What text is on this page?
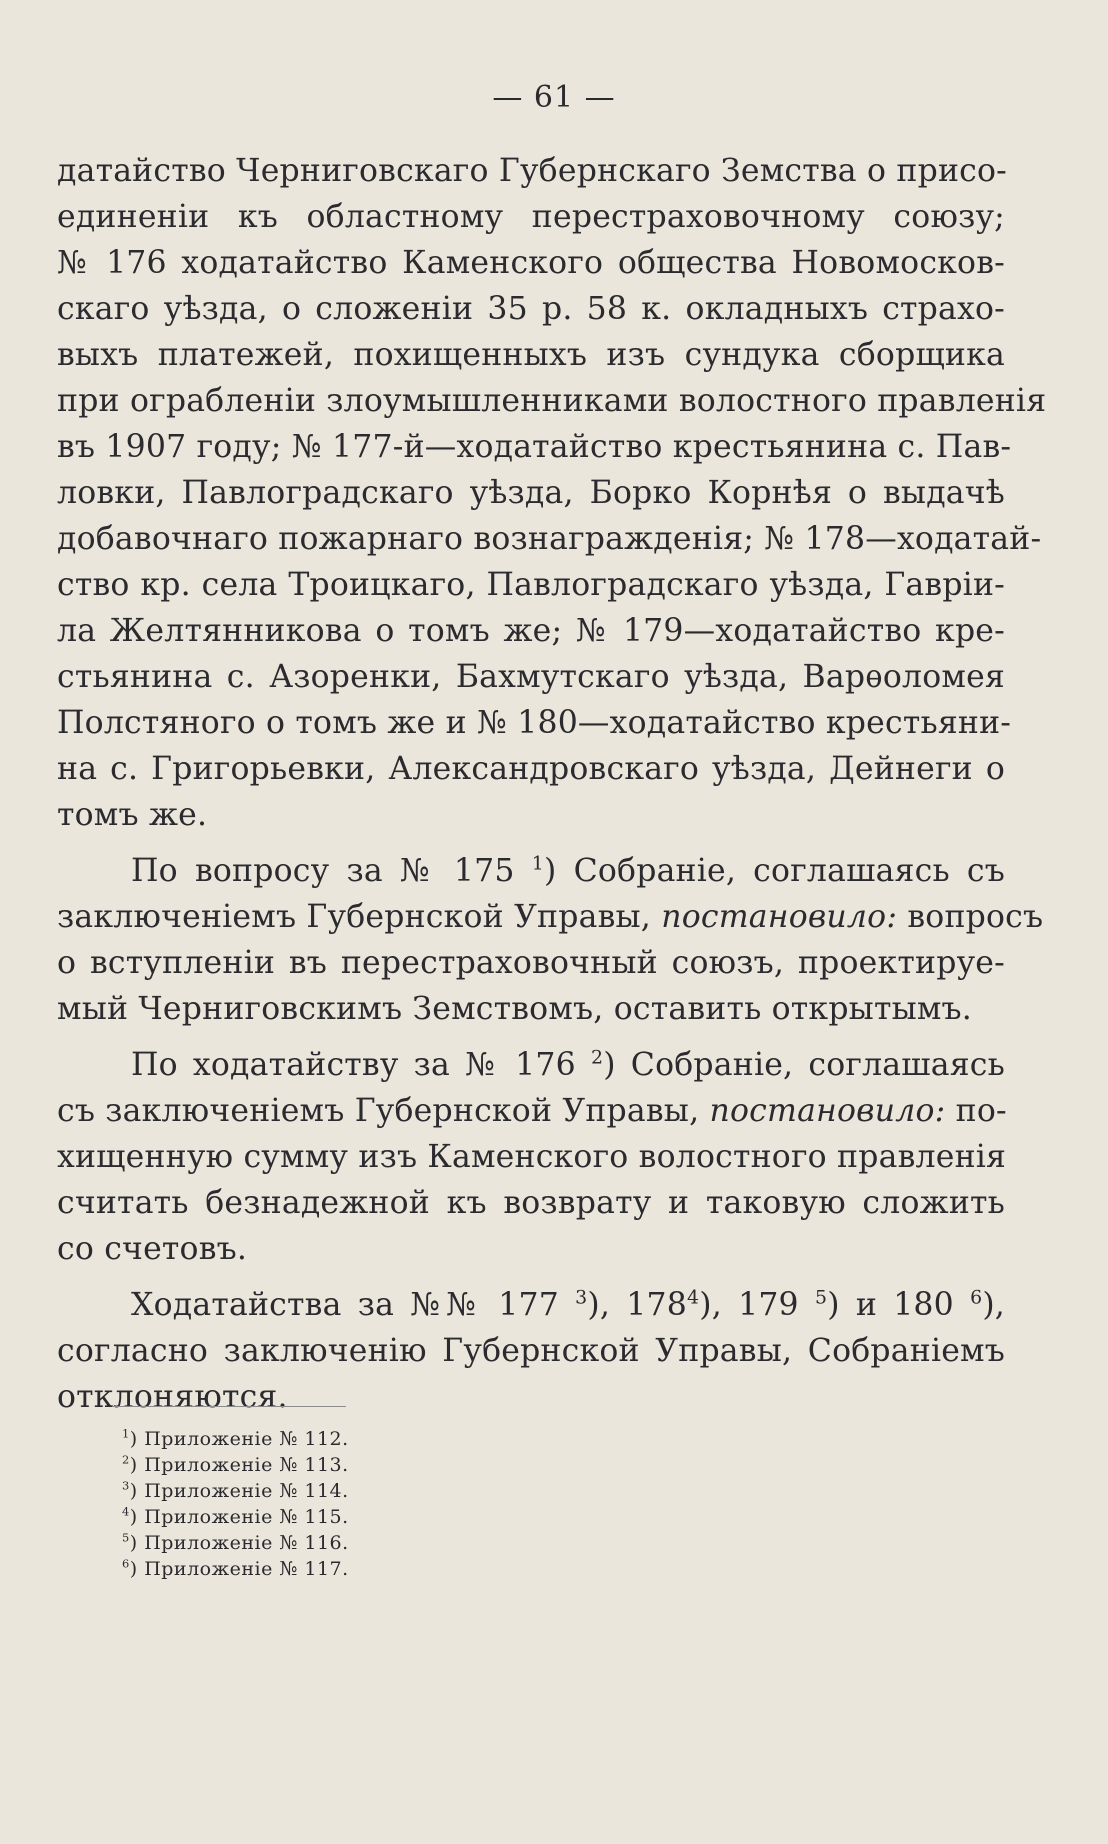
— 61 —
датайство Черниговскаго Губернскаго Земства о присо-
единенiи къ областному перестраховочному союзу;
№ 176 ходатайство Каменского общества Новомосков-
скаго уѣзда, о сложенiи 35 р. 58 к. окладныхъ страхо-
выхъ платежей, похищенныхъ изъ сундука сборщика
при ограбленiи злоумышленниками волостного правленiя
въ 1907 году; № 177-й—ходатайство крестьянина с. Пав-
ловки, Павлоградскаго уѣзда, Борко Корнѣя о выдачѣ
добавочнаго пожарнаго вознагражденiя; № 178—ходатай-
ство кр. села Троицкаго, Павлоградскаго уѣзда, Гаврiи-
ла Желтянникова о томъ же; № 179—ходатайство кре-
стьянина с. Азоренки, Бахмутскаго уѣзда, Варѳоломея
Полстяного о томъ же и № 180—ходатайство крестьяни-
на с. Григорьевки, Александровскаго уѣзда, Дейнеги о
томъ же.
По вопросу за № 175 $^1$) Собранiе, соглашаясь съ
заключенiемъ Губернской Управы, постановило: вопросъ
о вступленiи въ перестраховочный союзъ, проектируе-
мый Черниговскимъ Земствомъ, оставить открытымъ.
По ходатайству за № 176 $^2$) Собранiе, соглашаясь
съ заключенiемъ Губернской Управы, постановило: по-
хищенную сумму изъ Каменского волостного правленiя
считать безнадежной къ возврату и таковую сложить
со счетовъ.
Ходатайства за №№ 177 $^3$), $178^4$), 179 $^5$) и 180 $^6$),
согласно заключенiю Губернской Управы, Собранiемъ
отклоняются.
$^1$) Приложенiе № 112.
$^2$) Приложенiе № 113.
$^3$) Приложенiе № 114.
$^4$) Приложенiе № 115.
$^5$) Приложенiе № 116.
$^6$) Приложенiе № 117.
